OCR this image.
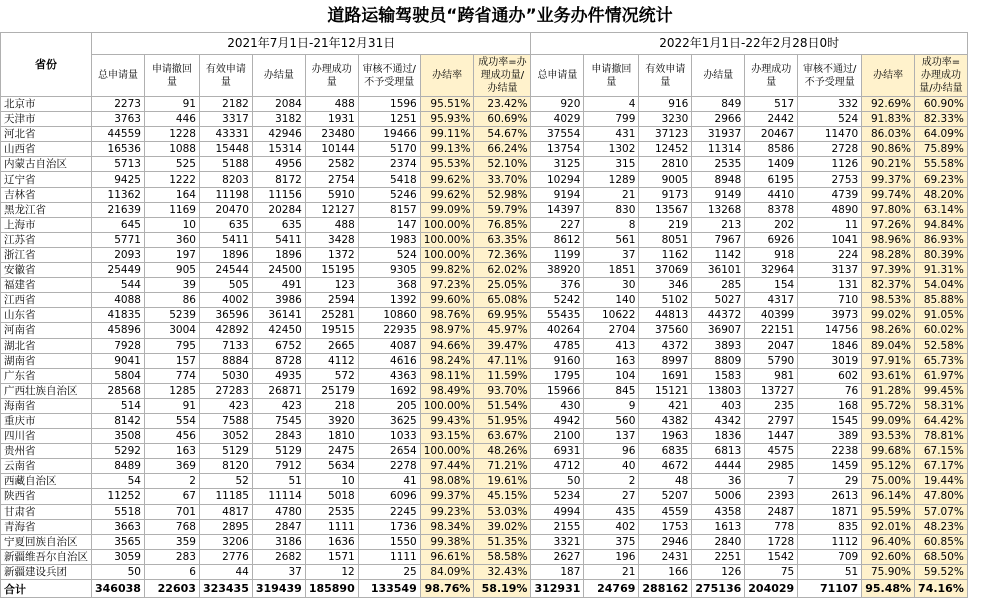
道路运输驾驶员“跨省通办”业务办件情况统计
省份	2021年7月1日-21年12月31日								2022年1月1日-22年2月28日0时							
	总申请量	申请撤回量	有效申请量	办结量	办理成功量	审核不通过/不予受理量	办结率	成功率=办理成功量/办结量	总申请量	申请撤回量	有效申请量	办结量	办理成功量	审核不通过/不予受理量	办结率	成功率=办理成功量/办结量
北京市	2273	91	2182	2084	488	1596	95.51%	23.42%	920	4	916	849	517	332	92.69%	60.90%
天津市	3763	446	3317	3182	1931	1251	95.93%	60.69%	4029	799	3230	2966	2442	524	91.83%	82.33%
河北省	44559	1228	43331	42946	23480	19466	99.11%	54.67%	37554	431	37123	31937	20467	11470	86.03%	64.09%
山西省	16536	1088	15448	15314	10144	5170	99.13%	66.24%	13754	1302	12452	11314	8586	2728	90.86%	75.89%
内蒙古自治区	5713	525	5188	4956	2582	2374	95.53%	52.10%	3125	315	2810	2535	1409	1126	90.21%	55.58%
辽宁省	9425	1222	8203	8172	2754	5418	99.62%	33.70%	10294	1289	9005	8948	6195	2753	99.37%	69.23%
吉林省	11362	164	11198	11156	5910	5246	99.62%	52.98%	9194	21	9173	9149	4410	4739	99.74%	48.20%
黑龙江省	21639	1169	20470	20284	12127	8157	99.09%	59.79%	14397	830	13567	13268	8378	4890	97.80%	63.14%
上海市	645	10	635	635	488	147	100.00%	76.85%	227	8	219	213	202	11	97.26%	94.84%
江苏省	5771	360	5411	5411	3428	1983	100.00%	63.35%	8612	561	8051	7967	6926	1041	98.96%	86.93%
浙江省	2093	197	1896	1896	1372	524	100.00%	72.36%	1199	37	1162	1142	918	224	98.28%	80.39%
安徽省	25449	905	24544	24500	15195	9305	99.82%	62.02%	38920	1851	37069	36101	32964	3137	97.39%	91.31%
福建省	544	39	505	491	123	368	97.23%	25.05%	376	30	346	285	154	131	82.37%	54.04%
江西省	4088	86	4002	3986	2594	1392	99.60%	65.08%	5242	140	5102	5027	4317	710	98.53%	85.88%
山东省	41835	5239	36596	36141	25281	10860	98.76%	69.95%	55435	10622	44813	44372	40399	3973	99.02%	91.05%
河南省	45896	3004	42892	42450	19515	22935	98.97%	45.97%	40264	2704	37560	36907	22151	14756	98.26%	60.02%
湖北省	7928	795	7133	6752	2665	4087	94.66%	39.47%	4785	413	4372	3893	2047	1846	89.04%	52.58%
湖南省	9041	157	8884	8728	4112	4616	98.24%	47.11%	9160	163	8997	8809	5790	3019	97.91%	65.73%
广东省	5804	774	5030	4935	572	4363	98.11%	11.59%	1795	104	1691	1583	981	602	93.61%	61.97%
广西壮族自治区	28568	1285	27283	26871	25179	1692	98.49%	93.70%	15966	845	15121	13803	13727	76	91.28%	99.45%
海南省	514	91	423	423	218	205	100.00%	51.54%	430	9	421	403	235	168	95.72%	58.31%
重庆市	8142	554	7588	7545	3920	3625	99.43%	51.95%	4942	560	4382	4342	2797	1545	99.09%	64.42%
四川省	3508	456	3052	2843	1810	1033	93.15%	63.67%	2100	137	1963	1836	1447	389	93.53%	78.81%
贵州省	5292	163	5129	5129	2475	2654	100.00%	48.26%	6931	96	6835	6813	4575	2238	99.68%	67.15%
云南省	8489	369	8120	7912	5634	2278	97.44%	71.21%	4712	40	4672	4444	2985	1459	95.12%	67.17%
西藏自治区	54	2	52	51	10	41	98.08%	19.61%	50	2	48	36	7	29	75.00%	19.44%
陕西省	11252	67	11185	11114	5018	6096	99.37%	45.15%	5234	27	5207	5006	2393	2613	96.14%	47.80%
甘肃省	5518	701	4817	4780	2535	2245	99.23%	53.03%	4994	435	4559	4358	2487	1871	95.59%	57.07%
青海省	3663	768	2895	2847	1111	1736	98.34%	39.02%	2155	402	1753	1613	778	835	92.01%	48.23%
宁夏回族自治区	3565	359	3206	3186	1636	1550	99.38%	51.35%	3321	375	2946	2840	1728	1112	96.40%	60.85%
新疆维吾尔自治区	3059	283	2776	2682	1571	1111	96.61%	58.58%	2627	196	2431	2251	1542	709	92.60%	68.50%
新疆建设兵团	50	6	44	37	12	25	84.09%	32.43%	187	21	166	126	75	51	75.90%	59.52%
合计	346038	22603	323435	319439	185890	133549	98.76%	58.19%	312931	24769	288162	275136	204029	71107	95.48%	74.16%
